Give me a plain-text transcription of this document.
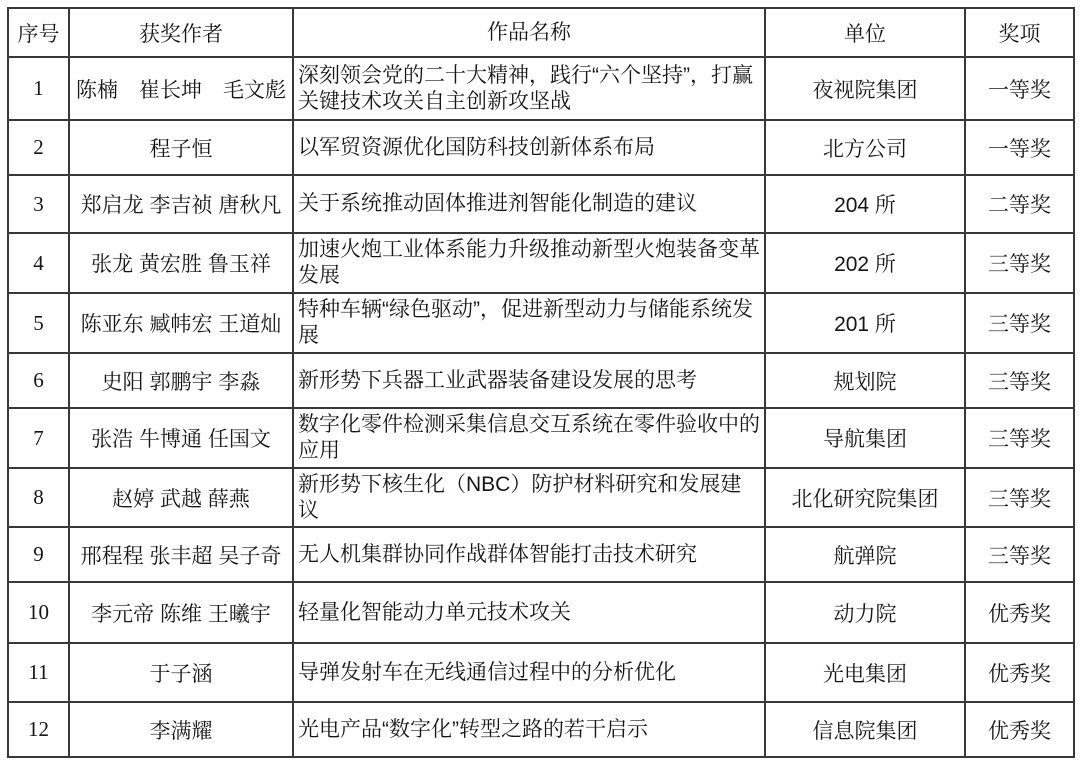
序号	获奖作者	作品名称	单位	奖项
1	陈楠　崔长坤　毛文彪	深刻领会党的二十大精神，践行“六个坚持”，打赢关键技术攻关自主创新攻坚战	夜视院集团	一等奖
2	程子恒	以军贸资源优化国防科技创新体系布局	北方公司	一等奖
3	郑启龙 李吉祯 唐秋凡	关于系统推动固体推进剂智能化制造的建议	204 所	二等奖
4	张龙 黄宏胜 鲁玉祥	加速火炮工业体系能力升级推动新型火炮装备变革发展	202 所	三等奖
5	陈亚东 臧帏宏 王道灿	特种车辆“绿色驱动”，促进新型动力与储能系统发展	201 所	三等奖
6	史阳 郭鹏宇 李淼	新形势下兵器工业武器装备建设发展的思考	规划院	三等奖
7	张浩 牛博通 任国文	数字化零件检测采集信息交互系统在零件验收中的应用	导航集团	三等奖
8	赵婷 武越 薛燕	新形势下核生化（NBC）防护材料研究和发展建议	北化研究院集团	三等奖
9	邢程程 张丰超 吴子奇	无人机集群协同作战群体智能打击技术研究	航弹院	三等奖
10	李元帝 陈维 王曦宇	轻量化智能动力单元技术攻关	动力院	优秀奖
11	于子涵	导弹发射车在无线通信过程中的分析优化	光电集团	优秀奖
12	李满耀	光电产品“数字化”转型之路的若干启示	信息院集团	优秀奖
